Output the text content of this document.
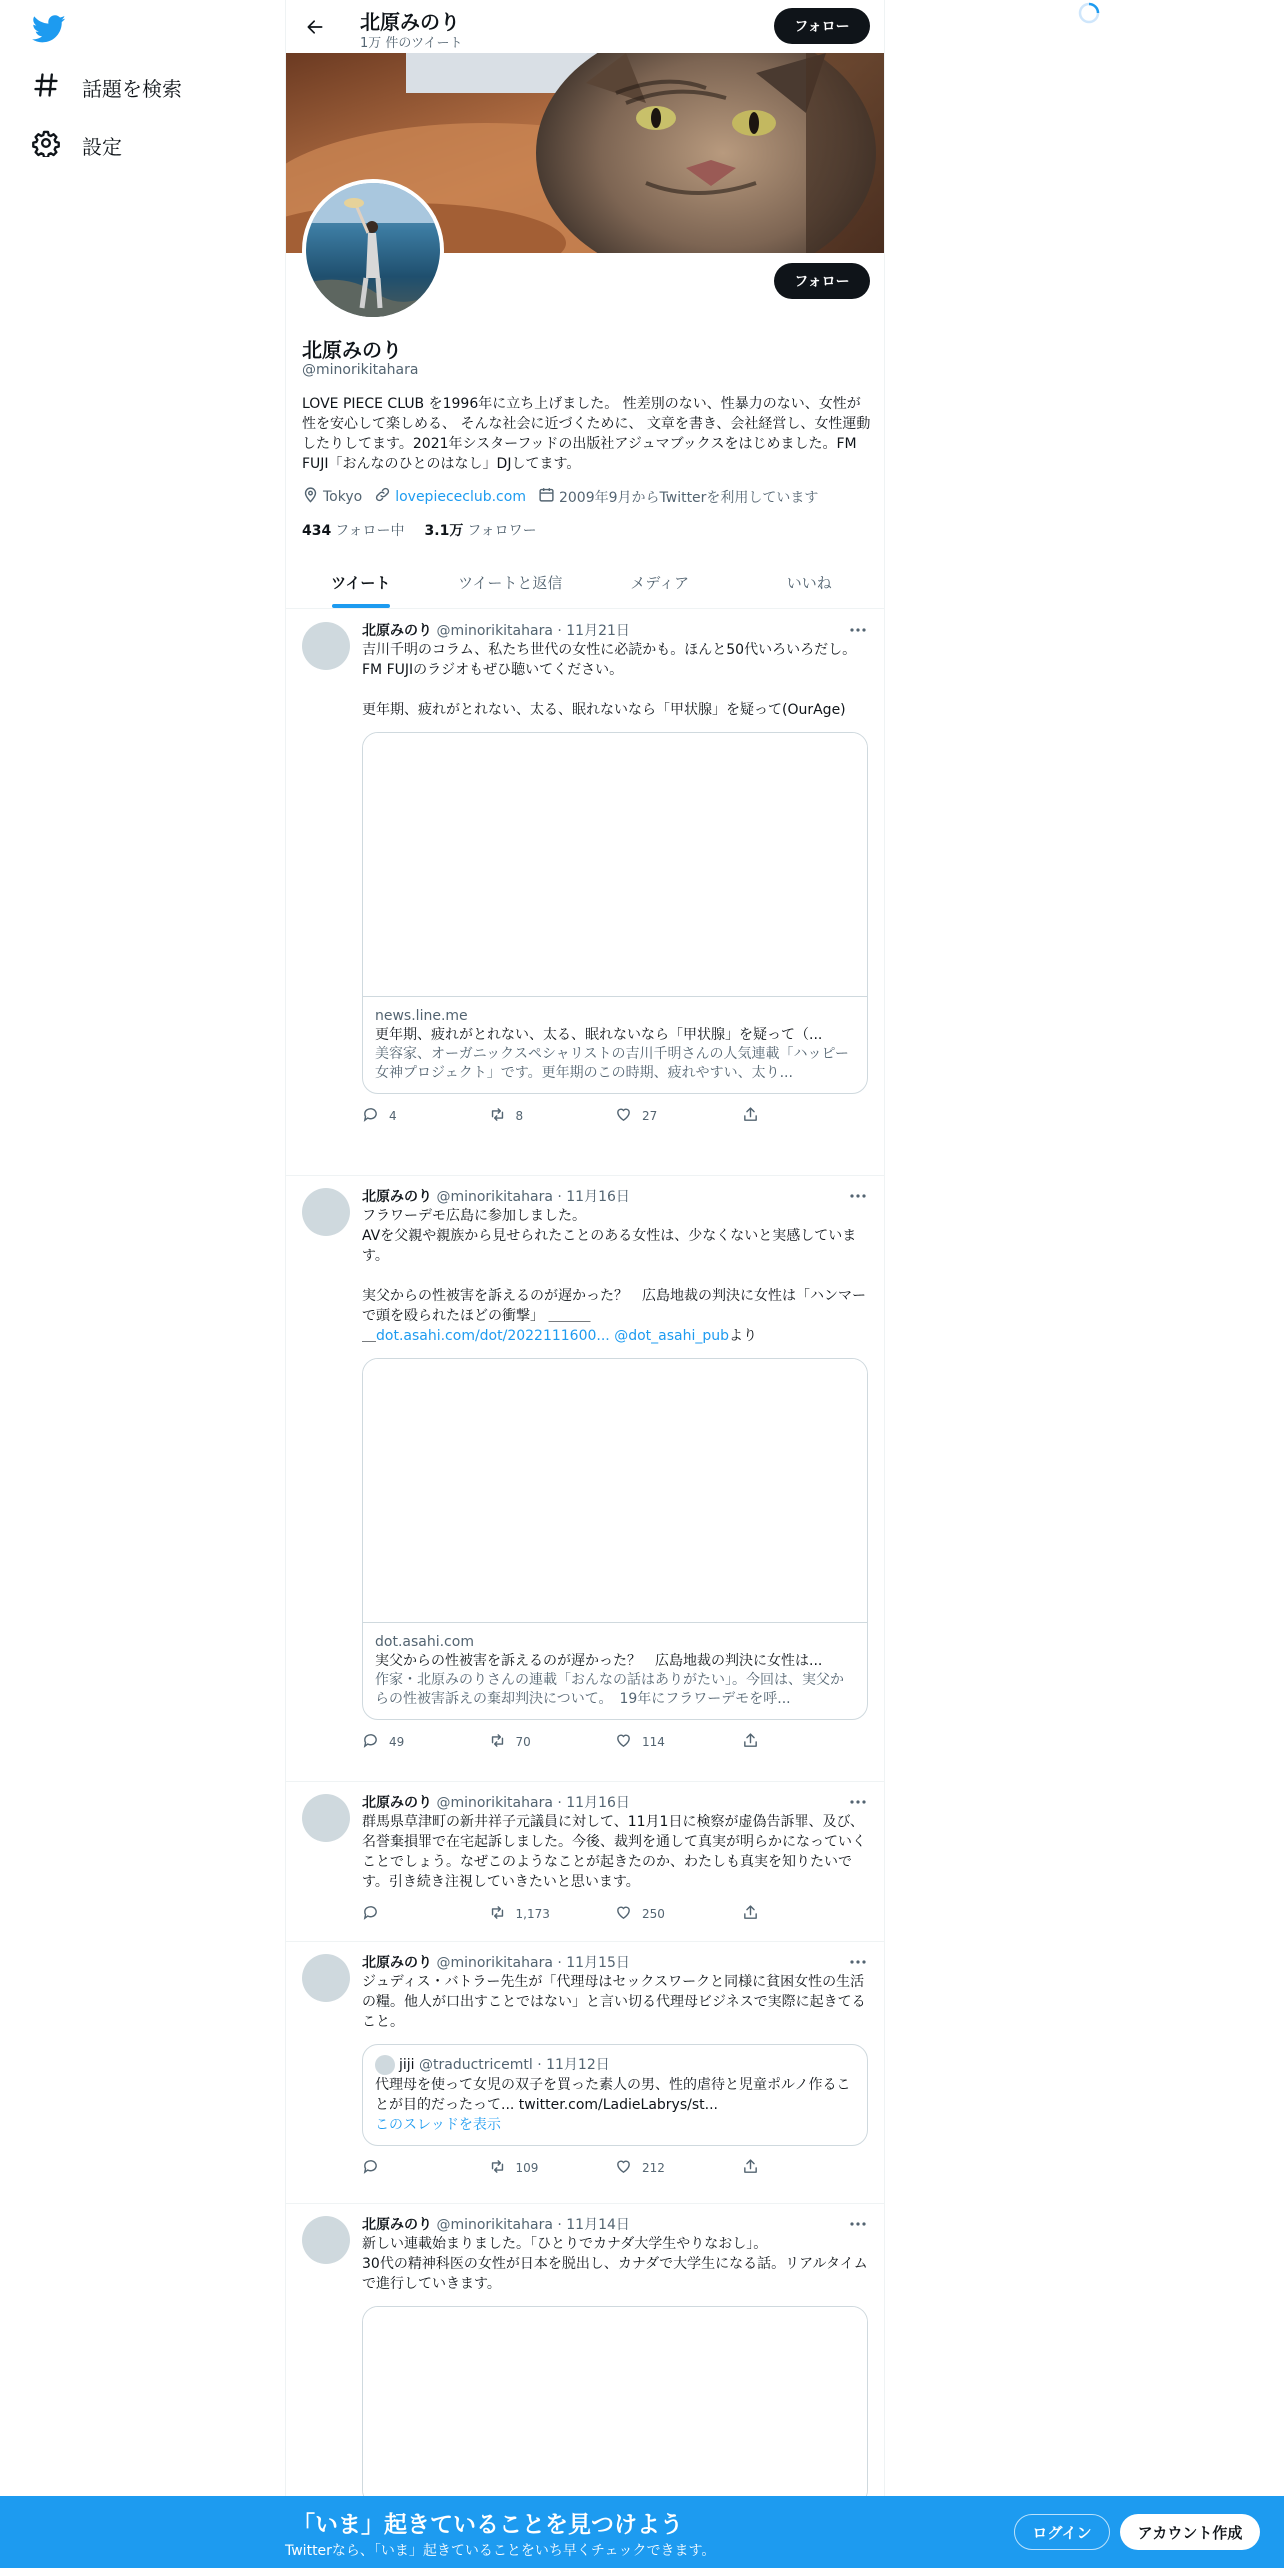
話題を検索
設定
北原みのり
1万 件のツイート
フォロー
フォロー
北原みのり
@minorikitahara
LOVE PIECE CLUB を1996年に立ち上げました。 性差別のない、性暴力のない、女性が性を安心して楽しめる、 そんな社会に近づくために、 文章を書き、会社経営し、女性運動したりしてます。2021年シスターフッドの出版社アジュマブックスをはじめました。FM FUJI「おんなのひとのはなし」DJしてます。
Tokyo lovepiececlub.com 2009年9月からTwitterを利用しています
434 フォロー中 3.1万 フォロワー
ツイート	ツイートと返信	メディア	いいね
北原みのり @minorikitahara · 11月21日
吉川千明のコラム、私たち世代の女性に必読かも。ほんと50代いろいろだし。FM FUJIのラジオもぜひ聴いてください。

更年期、疲れがとれない、太る、眠れないなら「甲状腺」を疑って(OurAge)
news.line.me
更年期、疲れがとれない、太る、眠れないなら「甲状腺」を疑って（...
美容家、オーガニックスペシャリストの吉川千明さんの人気連載「ハッピー女神プロジェクト」です。更年期のこの時期、疲れやすい、太り...
4	8	27
北原みのり @minorikitahara · 11月16日
フラワーデモ広島に参加しました。
AVを父親や親族から見せられたことのある女性は、少なくないと実感しています。

実父からの性被害を訴えるのが遅かった？　広島地裁の判決に女性は「ハンマーで頭を殴られたほどの衝撃」 ＿＿＿
＿dot.asahi.com/dot/2022111600... @dot_asahi_pubより
dot.asahi.com
実父からの性被害を訴えるのが遅かった？　広島地裁の判決に女性は...
作家・北原みのりさんの連載「おんなの話はありがたい」。今回は、実父からの性被害訴えの棄却判決について。　19年にフラワーデモを呼...
49	70	114
北原みのり @minorikitahara · 11月16日
群馬県草津町の新井祥子元議員に対して、11月1日に検察が虚偽告訴罪、及び、名誉棄損罪で在宅起訴しました。今後、裁判を通して真実が明らかになっていくことでしょう。なぜこのようなことが起きたのか、わたしも真実を知りたいです。引き続き注視していきたいと思います。
1,173	250
北原みのり @minorikitahara · 11月15日
ジュディス・バトラー先生が「代理母はセックスワークと同様に貧困女性の生活の糧。他人が口出すことではない」と言い切る代理母ビジネスで実際に起きてること。
jiji
@traductricemtl
· 11月12日
代理母を使って女児の双子を買った素人の男、性的虐待と児童ポルノ作ることが目的だったって... twitter.com/LadieLabrys/st...
このスレッドを表示
109	212
北原みのり @minorikitahara · 11月14日
新しい連載始まりました。「ひとりでカナダ大学生やりなおし」。
30代の精神科医の女性が日本を脱出し、カナダで大学生になる話。リアルタイムで進行していきます。
「いま」起きていることを見つけよう
Twitterなら、「いま」起きていることをいち早くチェックできます。
ログイン	アカウント作成
